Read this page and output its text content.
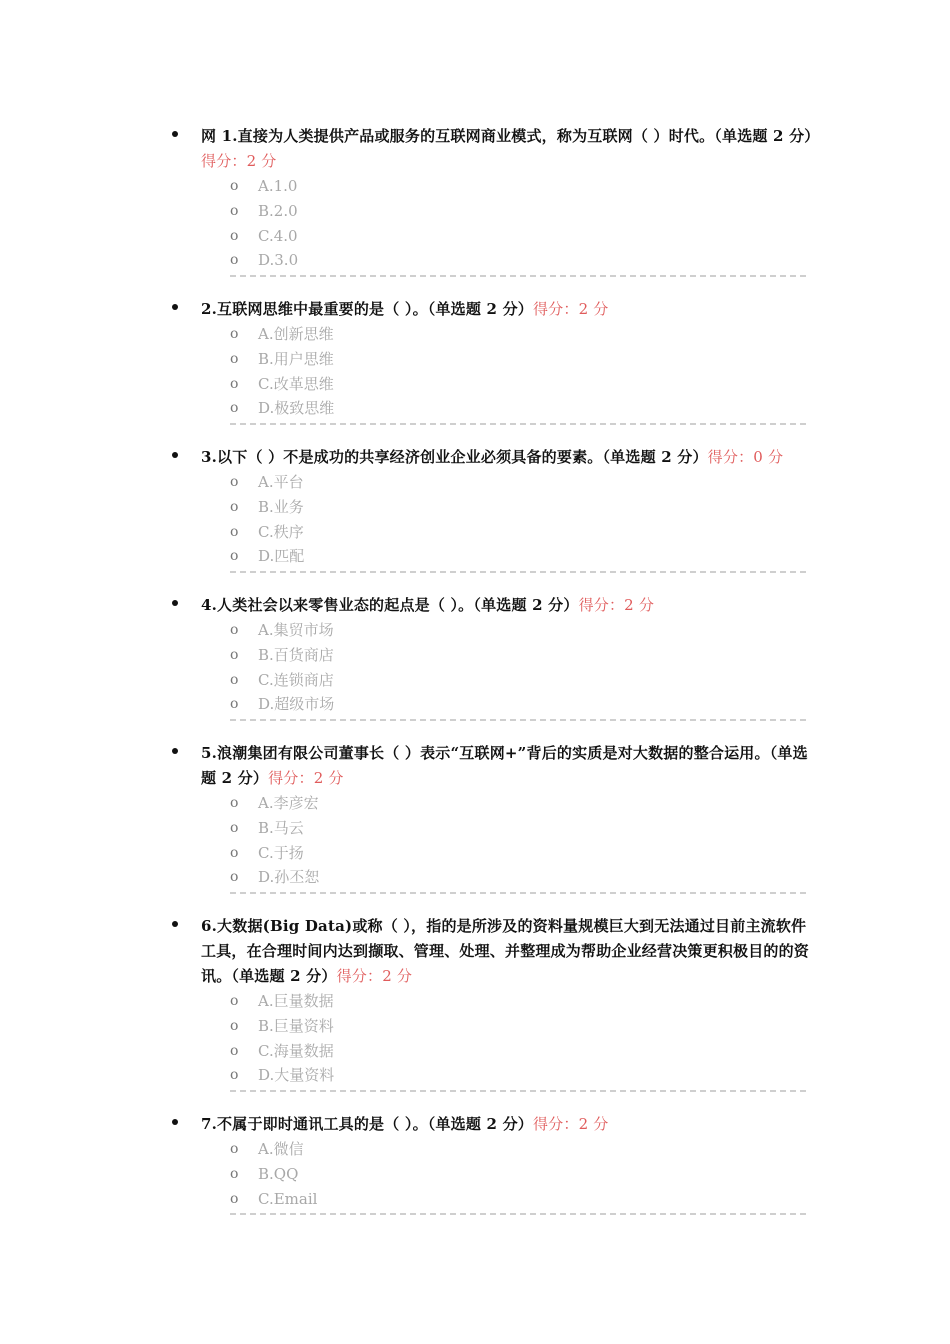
网 1.直接为人类提供产品或服务的互联网商业模式，称为互联网（ ）时代。（单选题 2 分）得分：2 分
o A.1.0
o B.2.0
o C.4.0
o D.3.0
2.互联网思维中最重要的是（ ）。（单选题 2 分）得分：2 分
o A.创新思维
o B.用户思维
o C.改革思维
o D.极致思维
3.以下（ ）不是成功的共享经济创业企业必须具备的要素。（单选题 2 分）得分：0 分
o A.平台
o B.业务
o C.秩序
o D.匹配
4.人类社会以来零售业态的起点是（ ）。（单选题 2 分）得分：2 分
o A.集贸市场
o B.百货商店
o C.连锁商店
o D.超级市场
5.浪潮集团有限公司董事长（ ）表示“互联网+”背后的实质是对大数据的整合运用。（单选题 2 分）得分：2 分
o A.李彦宏
o B.马云
o C.于扬
o D.孙丕恕
6.大数据(Big Data)或称（ ），指的是所涉及的资料量规模巨大到无法通过目前主流软件工具，在合理时间内达到撷取、管理、处理、并整理成为帮助企业经营决策更积极目的的资讯。（单选题 2 分）得分：2 分
o A.巨量数据
o B.巨量资料
o C.海量数据
o D.大量资料
7.不属于即时通讯工具的是（ ）。（单选题 2 分）得分：2 分
o A.微信
o B.QQ
o C.Email
